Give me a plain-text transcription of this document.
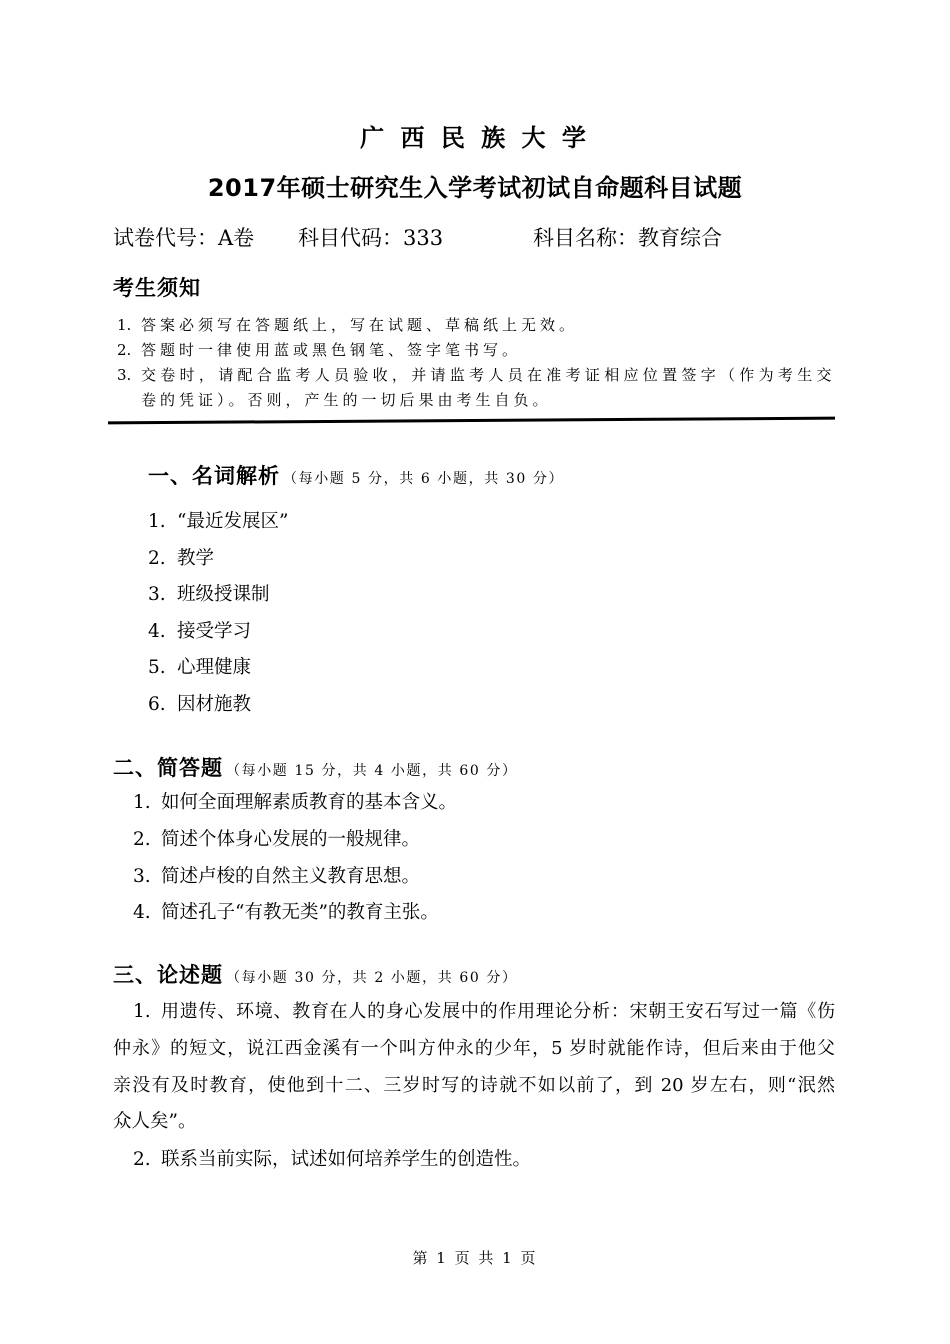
广 西 民 族 大 学
2017年硕士研究生入学考试初试自命题科目试题
试卷代号：A卷 科目代码：333	科目名称：教育综合
考生须知
1. 答案必须写在答题纸上，写在试题、草稿纸上无效。
2. 答题时一律使用蓝或黑色钢笔、签字笔书写。
3. 交卷时，请配合监考人员验收，并请监考人员在准考证相应位置签字（作为考生交
卷的凭证）。否则，产生的一切后果由考生自负。
一、名词解析 （每小题 5 分，共 6 小题，共 30 分）
1. “最近发展区”
2. 教学
3. 班级授课制
4. 接受学习
5. 心理健康
6. 因材施教
二、简答题 （每小题 15 分，共 4 小题，共 60 分）
1. 如何全面理解素质教育的基本含义。
2. 简述个体身心发展的一般规律。
3. 简述卢梭的自然主义教育思想。
4. 简述孔子“有教无类”的教育主张。
三、论述题 （每小题 30 分，共 2 小题，共 60 分）
1. 用遗传、环境、教育在人的身心发展中的作用理论分析：宋朝王安石写过一篇《伤
仲永》的短文，说江西金溪有一个叫方仲永的少年，5 岁时就能作诗，但后来由于他父
亲没有及时教育，使他到十二、三岁时写的诗就不如以前了，到 20 岁左右，则“泯然
众人矣”。
2. 联系当前实际，试述如何培养学生的创造性。
第 1 页 共 1 页
